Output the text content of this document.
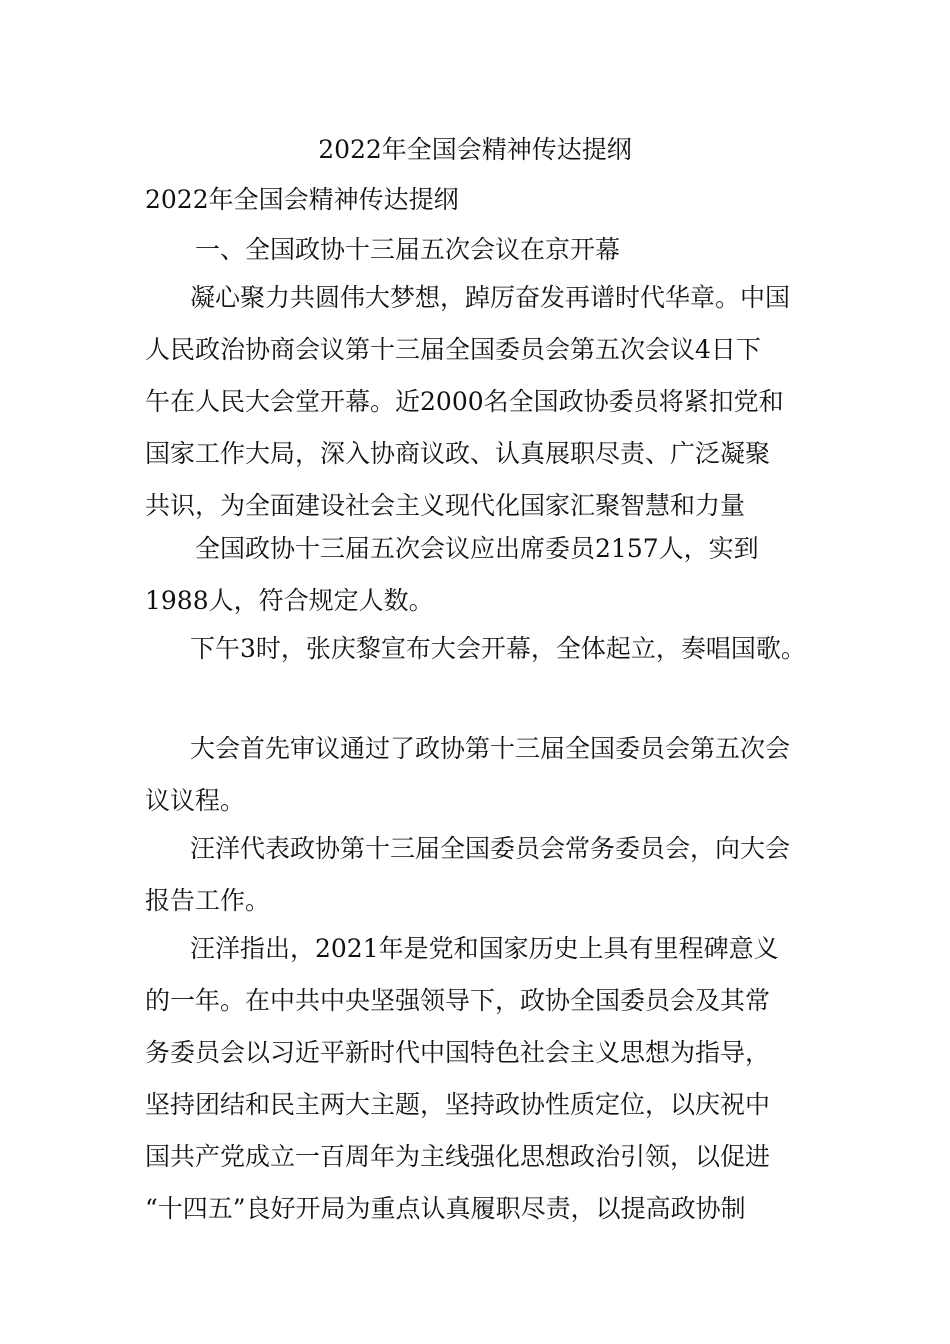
2022年全国会精神传达提纲
2022年全国会精神传达提纲
一、全国政协十三届五次会议在京开幕
凝心聚力共圆伟大梦想，踔厉奋发再谱时代华章。中国
人民政治协商会议第十三届全国委员会第五次会议4日下
午在人民大会堂开幕。近2000名全国政协委员将紧扣党和
国家工作大局，深入协商议政、认真展职尽责、广泛凝聚
共识，为全面建设社会主义现代化国家汇聚智慧和力量
全国政协十三届五次会议应出席委员2157人，实到
1988人，符合规定人数。
下午3时，张庆黎宣布大会开幕，全体起立，奏唱国歌。
大会首先审议通过了政协第十三届全国委员会第五次会
议议程。
汪洋代表政协第十三届全国委员会常务委员会，向大会
报告工作。
汪洋指出，2021年是党和国家历史上具有里程碑意义
的一年。在中共中央坚强领导下，政协全国委员会及其常
务委员会以习近平新时代中国特色社会主义思想为指导，
坚持团结和民主两大主题，坚持政协性质定位，以庆祝中
国共产党成立一百周年为主线强化思想政治引领，以促进
“十四五”良好开局为重点认真履职尽责，以提高政协制
